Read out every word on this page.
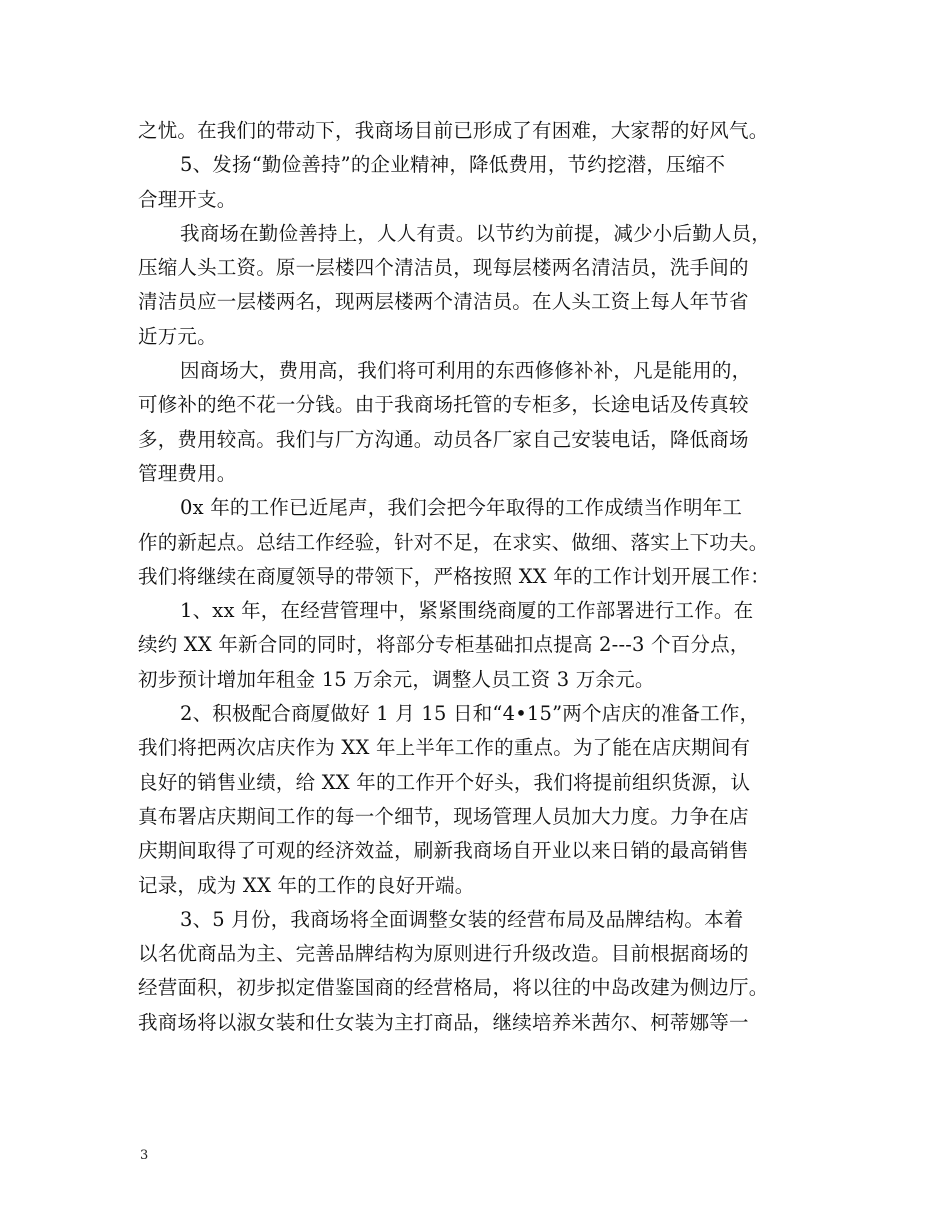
之忧。在我们的带动下，我商场目前已形成了有困难，大家帮的好风气。
5、发扬“勤俭善持”的企业精神，降低费用，节约挖潜，压缩不
合理开支。
我商场在勤俭善持上，人人有责。以节约为前提，减少小后勤人员，
压缩人头工资。原一层楼四个清洁员，现每层楼两名清洁员，洗手间的
清洁员应一层楼两名，现两层楼两个清洁员。在人头工资上每人年节省
近万元。
因商场大，费用高，我们将可利用的东西修修补补，凡是能用的，
可修补的绝不花一分钱。由于我商场托管的专柜多，长途电话及传真较
多，费用较高。我们与厂方沟通。动员各厂家自己安装电话，降低商场
管理费用。
0x 年的工作已近尾声，我们会把今年取得的工作成绩当作明年工
作的新起点。总结工作经验，针对不足，在求实、做细、落实上下功夫。
我们将继续在商厦领导的带领下，严格按照 XX 年的工作计划开展工作：
1、xx 年，在经营管理中，紧紧围绕商厦的工作部署进行工作。在
续约 XX 年新合同的同时，将部分专柜基础扣点提高 2---3 个百分点，
初步预计增加年租金 15 万余元，调整人员工资 3 万余元。
2、积极配合商厦做好 1 月 15 日和“4•15”两个店庆的准备工作，
我们将把两次店庆作为 XX 年上半年工作的重点。为了能在店庆期间有
良好的销售业绩，给 XX 年的工作开个好头，我们将提前组织货源，认
真布署店庆期间工作的每一个细节，现场管理人员加大力度。力争在店
庆期间取得了可观的经济效益，刷新我商场自开业以来日销的最高销售
记录，成为 XX 年的工作的良好开端。
3、5 月份，我商场将全面调整女装的经营布局及品牌结构。本着
以名优商品为主、完善品牌结构为原则进行升级改造。目前根据商场的
经营面积，初步拟定借鉴国商的经营格局，将以往的中岛改建为侧边厅。
我商场将以淑女装和仕女装为主打商品，继续培养米茜尔、柯蒂娜等一
3
